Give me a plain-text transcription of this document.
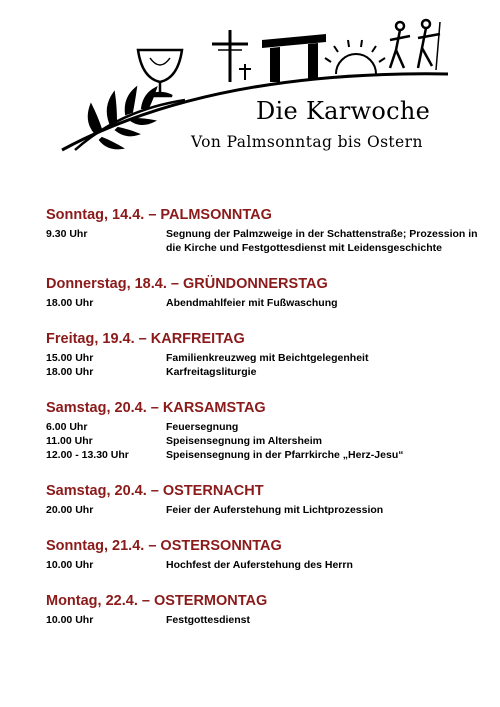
Die Karwoche
Von Palmsonntag bis Ostern
Sonntag, 14.4. – PALMSONNTAG
9.30 Uhr	Segnung der Palmzweige in der Schattenstraße; Prozession in die Kirche und Festgottesdienst mit Leidensgeschichte
Donnerstag, 18.4. – GRÜNDONNERSTAG
18.00 Uhr	Abendmahlfeier mit Fußwaschung
Freitag, 19.4. – KARFREITAG
15.00 Uhr	Familienkreuzweg mit Beichtgelegenheit
18.00 Uhr	Karfreitagsliturgie
Samstag, 20.4. – KARSAMSTAG
6.00 Uhr	Feuersegnung
11.00 Uhr	Speisensegnung im Altersheim
12.00 - 13.30 Uhr	Speisensegnung in der Pfarrkirche „Herz-Jesu“
Samstag, 20.4. – OSTERNACHT
20.00 Uhr	Feier der Auferstehung mit Lichtprozession
Sonntag, 21.4. – OSTERSONNTAG
10.00 Uhr	Hochfest der Auferstehung des Herrn
Montag, 22.4. – OSTERMONTAG
10.00 Uhr	Festgottesdienst
